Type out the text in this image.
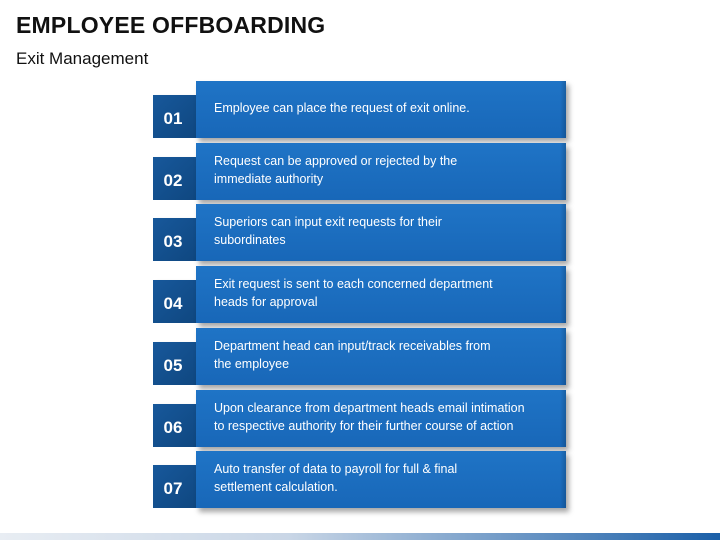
EMPLOYEE OFFBOARDING
Exit Management
01
Employee can place the request of exit online.
02
Request can be approved or rejected by the
immediate authority
03
Superiors can input exit requests for their
subordinates
04
Exit request is sent to each concerned department
heads for approval
05
Department head can input/track receivables from
the employee
06
Upon clearance from department heads email intimation
to respective authority for their further course of action
07
Auto transfer of data to payroll for full & final
settlement calculation.
